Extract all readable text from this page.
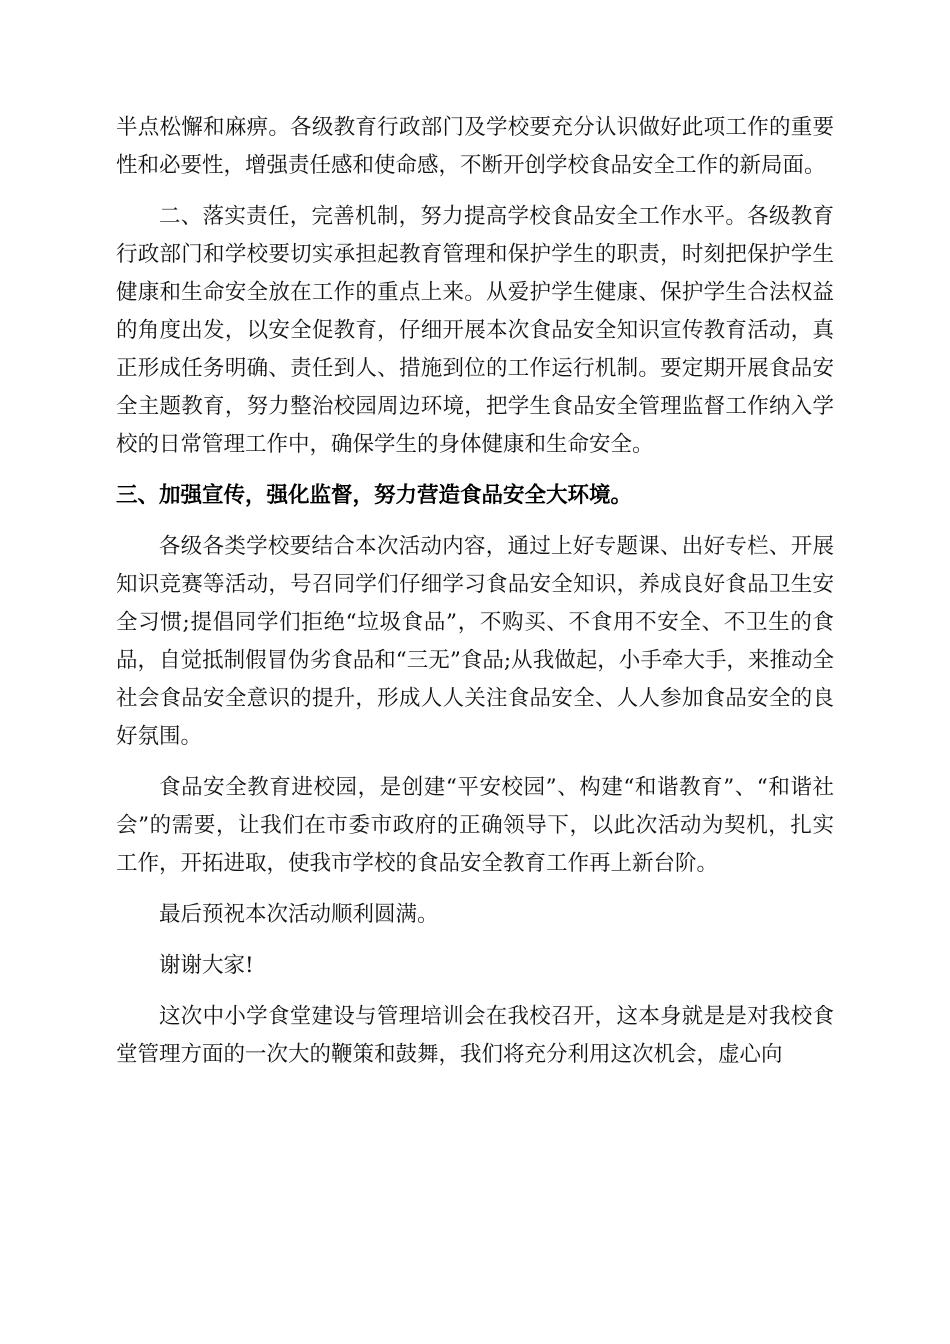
半点松懈和麻痹。各级教育行政部门及学校要充分认识做好此项工作的重要性和必要性，增强责任感和使命感，不断开创学校食品安全工作的新局面。

二、落实责任，完善机制，努力提高学校食品安全工作水平。各级教育行政部门和学校要切实承担起教育管理和保护学生的职责，时刻把保护学生健康和生命安全放在工作的重点上来。从爱护学生健康、保护学生合法权益的角度出发，以安全促教育，仔细开展本次食品安全知识宣传教育活动，真正形成任务明确、责任到人、措施到位的工作运行机制。要定期开展食品安全主题教育，努力整治校园周边环境，把学生食品安全管理监督工作纳入学校的日常管理工作中，确保学生的身体健康和生命安全。

三、加强宣传，强化监督，努力营造食品安全大环境。

各级各类学校要结合本次活动内容，通过上好专题课、出好专栏、开展知识竞赛等活动，号召同学们仔细学习食品安全知识，养成良好食品卫生安全习惯;提倡同学们拒绝“垃圾食品”，不购买、不食用不安全、不卫生的食品，自觉抵制假冒伪劣食品和“三无”食品;从我做起，小手牵大手，来推动全社会食品安全意识的提升，形成人人关注食品安全、人人参加食品安全的良好氛围。

食品安全教育进校园，是创建“平安校园”、构建“和谐教育”、“和谐社会”的需要，让我们在市委市政府的正确领导下，以此次活动为契机，扎实工作，开拓进取，使我市学校的食品安全教育工作再上新台阶。

最后预祝本次活动顺利圆满。

谢谢大家!

这次中小学食堂建设与管理培训会在我校召开，这本身就是是对我校食堂管理方面的一次大的鞭策和鼓舞，我们将充分利用这次机会，虚心向
